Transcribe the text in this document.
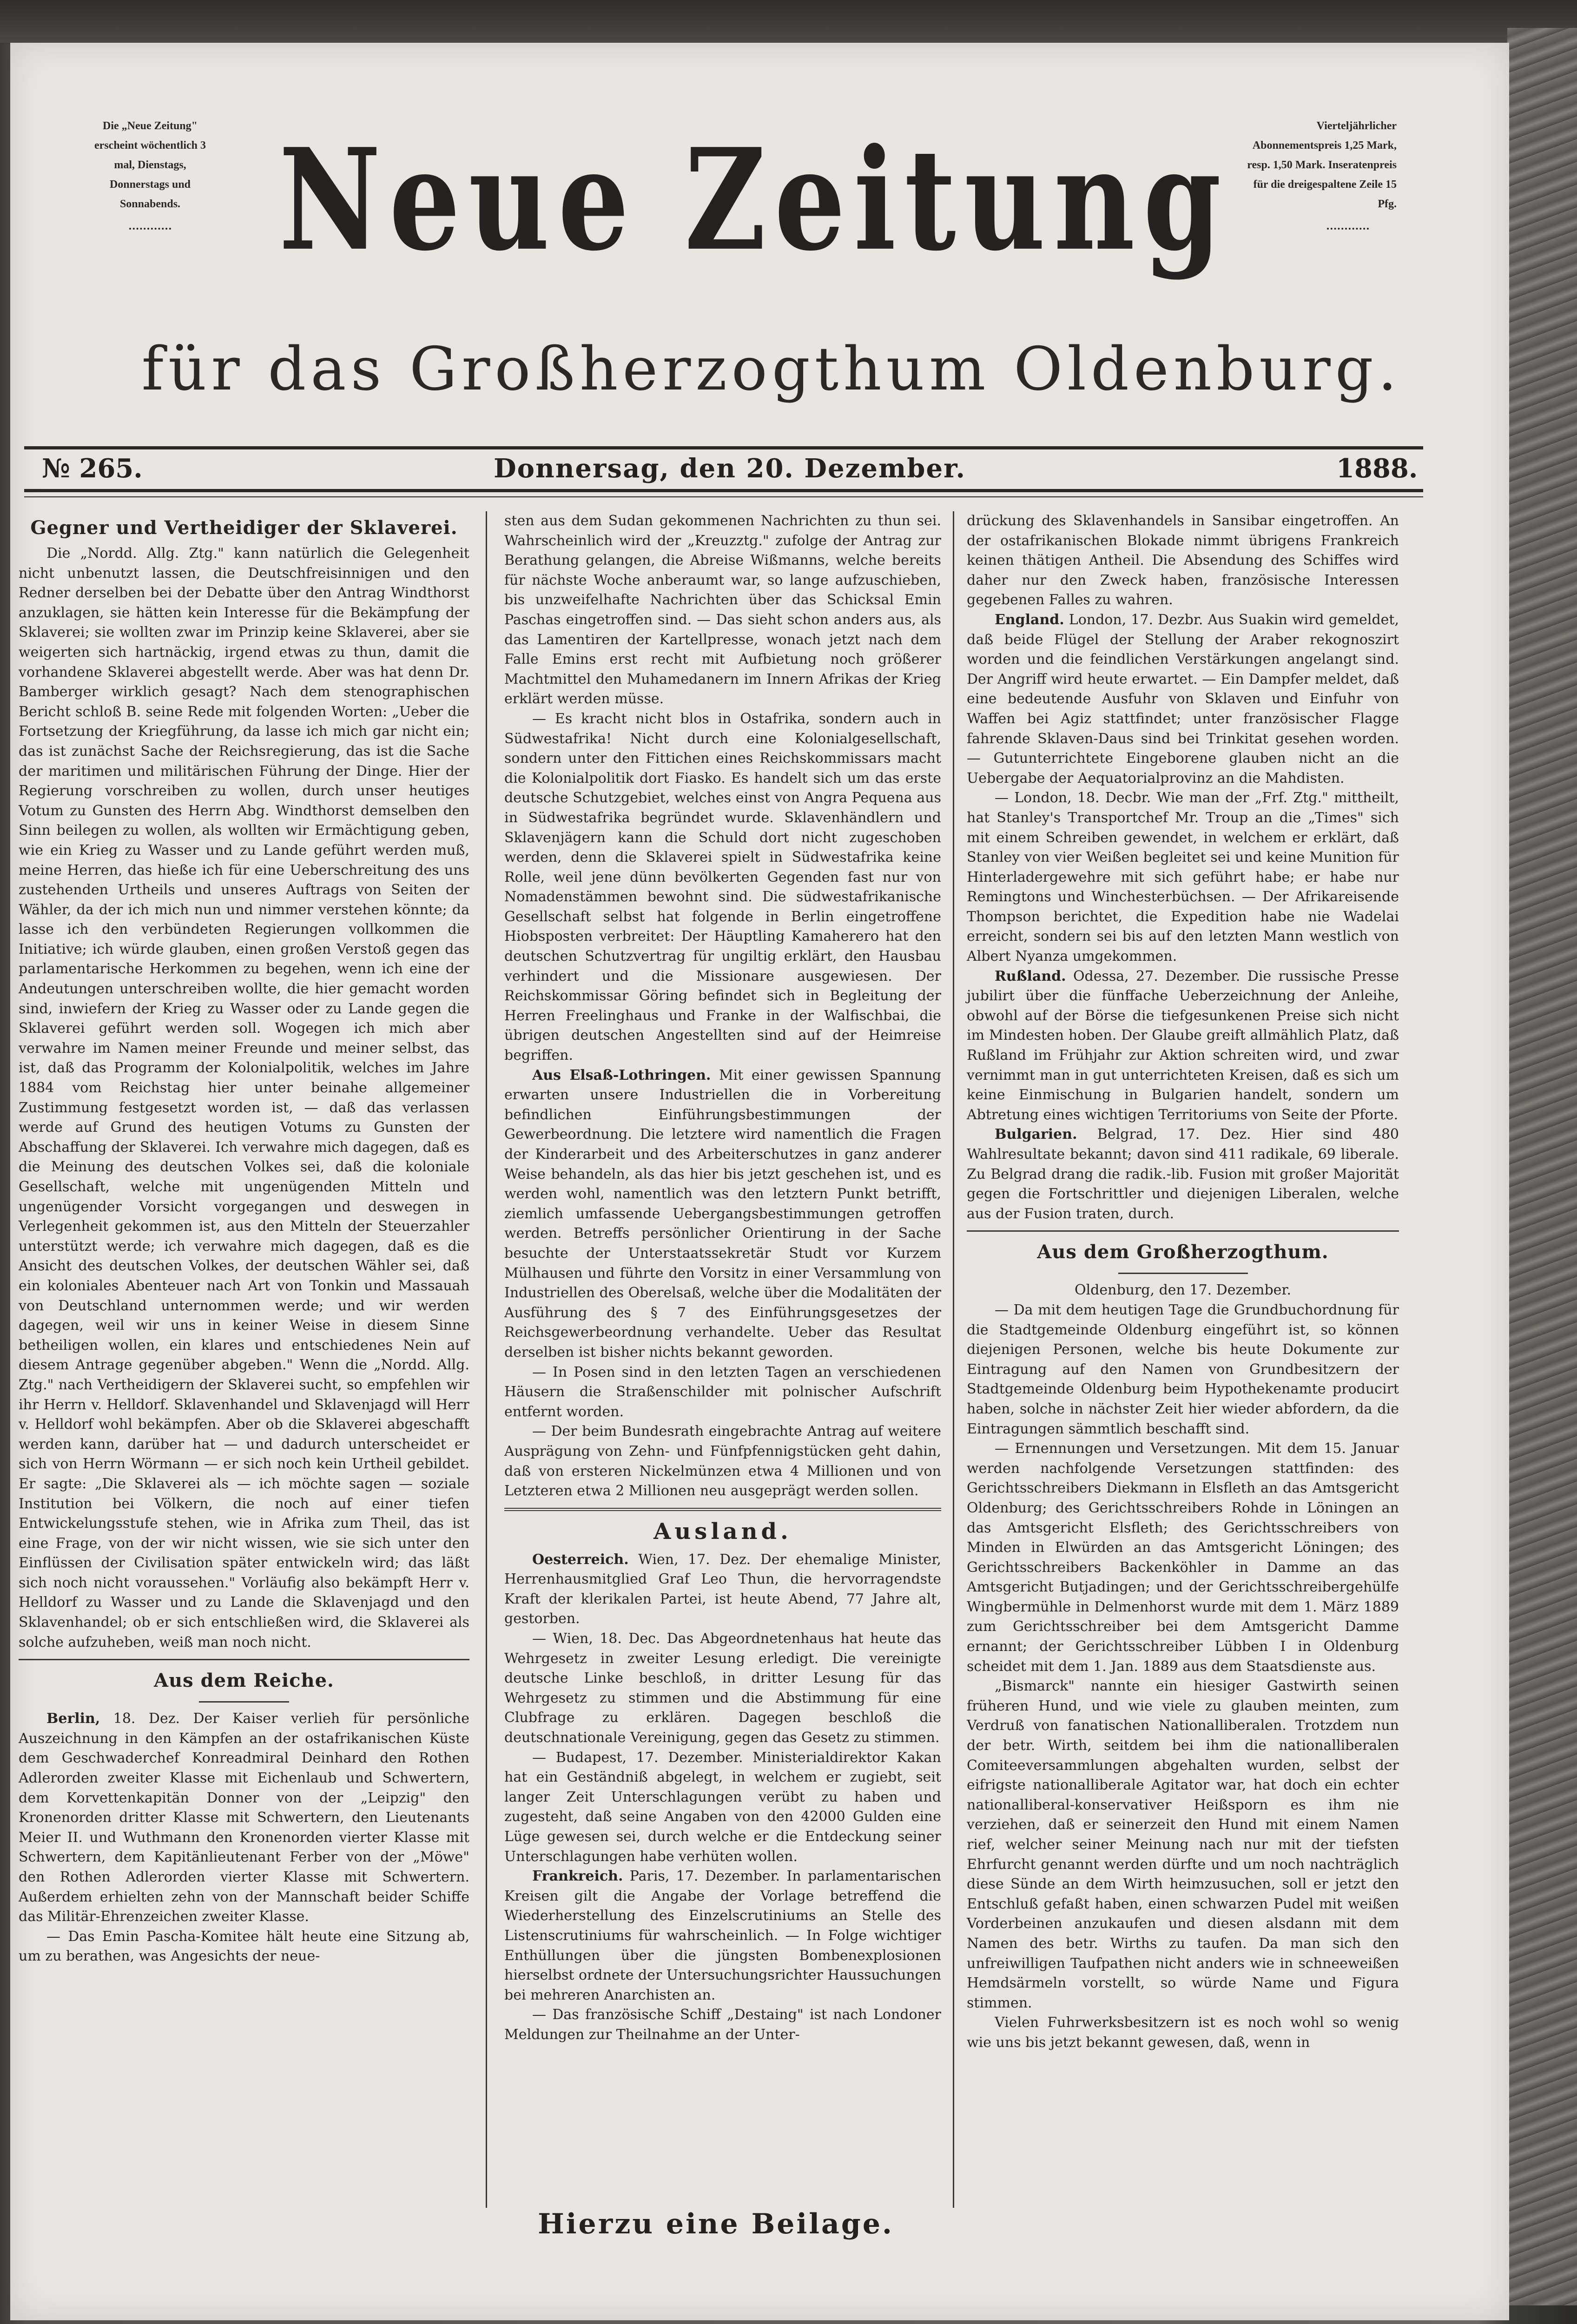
Die „Neue Zeitung" erscheint wöchentlich 3 mal, Dienstags, Donnerstags und Sonnabends.
Vierteljährlicher Abonnementspreis 1,25 Mark, resp. 1,50 Mark. Inseratenpreis für die dreigespaltene Zeile 15 Pfg.
Neue Zeitung
für das Großherzogthum Oldenburg.
№ 265.	Donnersag, den 20. Dezember.	1888.
Gegner und Vertheidiger der Sklaverei.

Die „Nordd. Allg. Ztg." kann natürlich die Gelegenheit nicht unbenutzt lassen, die Deutschfreisinnigen und den Redner derselben bei der Debatte über den Antrag Windthorst anzuklagen, sie hätten kein Interesse für die Bekämpfung der Sklaverei; sie wollten zwar im Prinzip keine Sklaverei, aber sie weigerten sich hartnäckig, irgend etwas zu thun, damit die vorhandene Sklaverei abgestellt werde. Aber was hat denn Dr. Bamberger wirklich gesagt? Nach dem stenographischen Bericht schloß B. seine Rede mit folgenden Worten: „Ueber die Fortsetzung der Kriegführung, da lasse ich mich gar nicht ein; das ist zunächst Sache der Reichsregierung, das ist die Sache der maritimen und militärischen Führung der Dinge. Hier der Regierung vorschreiben zu wollen, durch unser heutiges Votum zu Gunsten des Herrn Abg. Windthorst demselben den Sinn beilegen zu wollen, als wollten wir Ermächtigung geben, wie ein Krieg zu Wasser und zu Lande geführt werden muß, meine Herren, das hieße ich für eine Ueberschreitung des uns zustehenden Urtheils und unseres Auftrags von Seiten der Wähler, da der ich mich nun und nimmer verstehen könnte; da lasse ich den verbündeten Regierungen vollkommen die Initiative; ich würde glauben, einen großen Verstoß gegen das parlamentarische Herkommen zu begehen, wenn ich eine der Andeutungen unterschreiben wollte, die hier gemacht worden sind, inwiefern der Krieg zu Wasser oder zu Lande gegen die Sklaverei geführt werden soll. Wogegen ich mich aber verwahre im Namen meiner Freunde und meiner selbst, das ist, daß das Programm der Kolonialpolitik, welches im Jahre 1884 vom Reichstag hier unter beinahe allgemeiner Zustimmung festgesetzt worden ist, — daß das verlassen werde auf Grund des heutigen Votums zu Gunsten der Abschaffung der Sklaverei. Ich verwahre mich dagegen, daß es die Meinung des deutschen Volkes sei, daß die koloniale Gesellschaft, welche mit ungenügenden Mitteln und ungenügender Vorsicht vorgegangen und deswegen in Verlegenheit gekommen ist, aus den Mitteln der Steuerzahler unterstützt werde; ich verwahre mich dagegen, daß es die Ansicht des deutschen Volkes, der deutschen Wähler sei, daß ein koloniales Abenteuer nach Art von Tonkin und Massauah von Deutschland unternommen werde; und wir werden dagegen, weil wir uns in keiner Weise in diesem Sinne betheiligen wollen, ein klares und entschiedenes Nein auf diesem Antrage gegenüber abgeben." Wenn die „Nordd. Allg. Ztg." nach Vertheidigern der Sklaverei sucht, so empfehlen wir ihr Herrn v. Helldorf. Sklavenhandel und Sklavenjagd will Herr v. Helldorf wohl bekämpfen. Aber ob die Sklaverei abgeschafft werden kann, darüber hat — und dadurch unterscheidet er sich von Herrn Wörmann — er sich noch kein Urtheil gebildet. Er sagte: „Die Sklaverei als — ich möchte sagen — soziale Institution bei Völkern, die noch auf einer tiefen Entwickelungsstufe stehen, wie in Afrika zum Theil, das ist eine Frage, von der wir nicht wissen, wie sie sich unter den Einflüssen der Civilisation später entwickeln wird; das läßt sich noch nicht voraussehen." Vorläufig also bekämpft Herr v. Helldorf zu Wasser und zu Lande die Sklavenjagd und den Sklavenhandel; ob er sich entschließen wird, die Sklaverei als solche aufzuheben, weiß man noch nicht.

Aus dem Reiche.

Berlin, 18. Dez. Der Kaiser verlieh für persönliche Auszeichnung in den Kämpfen an der ostafrikanischen Küste dem Geschwaderchef Konreadmiral Deinhard den Rothen Adlerorden zweiter Klasse mit Eichenlaub und Schwertern, dem Korvettenkapitän Donner von der „Leipzig" den Kronenorden dritter Klasse mit Schwertern, den Lieutenants Meier II. und Wuthmann den Kronenorden vierter Klasse mit Schwertern, dem Kapitänlieutenant Ferber von der „Möwe" den Rothen Adlerorden vierter Klasse mit Schwertern. Außerdem erhielten zehn von der Mannschaft beider Schiffe das Militär-Ehrenzeichen zweiter Klasse.

— Das Emin Pascha-Komitee hält heute eine Sitzung ab, um zu berathen, was Angesichts der neue-

sten aus dem Sudan gekommenen Nachrichten zu thun sei. Wahrscheinlich wird der „Kreuzztg." zufolge der Antrag zur Berathung gelangen, die Abreise Wißmanns, welche bereits für nächste Woche anberaumt war, so lange aufzuschieben, bis unzweifelhafte Nachrichten über das Schicksal Emin Paschas eingetroffen sind. — Das sieht schon anders aus, als das Lamentiren der Kartellpresse, wonach jetzt nach dem Falle Emins erst recht mit Aufbietung noch größerer Machtmittel den Muhamedanern im Innern Afrikas der Krieg erklärt werden müsse.

— Es kracht nicht blos in Ostafrika, sondern auch in Südwestafrika! Nicht durch eine Kolonialgesellschaft, sondern unter den Fittichen eines Reichskommissars macht die Kolonialpolitik dort Fiasko. Es handelt sich um das erste deutsche Schutzgebiet, welches einst von Angra Pequena aus in Südwestafrika begründet wurde. Sklavenhändlern und Sklavenjägern kann die Schuld dort nicht zugeschoben werden, denn die Sklaverei spielt in Südwestafrika keine Rolle, weil jene dünn bevölkerten Gegenden fast nur von Nomadenstämmen bewohnt sind. Die südwestafrikanische Gesellschaft selbst hat folgende in Berlin eingetroffene Hiobsposten verbreitet: Der Häuptling Kamaherero hat den deutschen Schutzvertrag für ungiltig erklärt, den Hausbau verhindert und die Missionare ausgewiesen. Der Reichskommissar Göring befindet sich in Begleitung der Herren Freelinghaus und Franke in der Walfischbai, die übrigen deutschen Angestellten sind auf der Heimreise begriffen.

Aus Elsaß-Lothringen. Mit einer gewissen Spannung erwarten unsere Industriellen die in Vorbereitung befindlichen Einführungsbestimmungen der Gewerbeordnung. Die letztere wird namentlich die Fragen der Kinderarbeit und des Arbeiterschutzes in ganz anderer Weise behandeln, als das hier bis jetzt geschehen ist, und es werden wohl, namentlich was den letztern Punkt betrifft, ziemlich umfassende Uebergangsbestimmungen getroffen werden. Betreffs persönlicher Orientirung in der Sache besuchte der Unterstaatssekretär Studt vor Kurzem Mülhausen und führte den Vorsitz in einer Versammlung von Industriellen des Oberelsaß, welche über die Modalitäten der Ausführung des § 7 des Einführungsgesetzes der Reichsgewerbeordnung verhandelte. Ueber das Resultat derselben ist bisher nichts bekannt geworden.

— In Posen sind in den letzten Tagen an verschiedenen Häusern die Straßenschilder mit polnischer Aufschrift entfernt worden.

— Der beim Bundesrath eingebrachte Antrag auf weitere Ausprägung von Zehn- und Fünfpfennigstücken geht dahin, daß von ersteren Nickelmünzen etwa 4 Millionen und von Letzteren etwa 2 Millionen neu ausgeprägt werden sollen.

Ausland.

Oesterreich. Wien, 17. Dez. Der ehemalige Minister, Herrenhausmitglied Graf Leo Thun, die hervorragendste Kraft der klerikalen Partei, ist heute Abend, 77 Jahre alt, gestorben.

— Wien, 18. Dec. Das Abgeordnetenhaus hat heute das Wehrgesetz in zweiter Lesung erledigt. Die vereinigte deutsche Linke beschloß, in dritter Lesung für das Wehrgesetz zu stimmen und die Abstimmung für eine Clubfrage zu erklären. Dagegen beschloß die deutschnationale Vereinigung, gegen das Gesetz zu stimmen.

— Budapest, 17. Dezember. Ministerialdirektor Kakan hat ein Geständniß abgelegt, in welchem er zugiebt, seit langer Zeit Unterschlagungen verübt zu haben und zugesteht, daß seine Angaben von den 42000 Gulden eine Lüge gewesen sei, durch welche er die Entdeckung seiner Unterschlagungen habe verhüten wollen.

Frankreich. Paris, 17. Dezember. In parlamentarischen Kreisen gilt die Angabe der Vorlage betreffend die Wiederherstellung des Einzelscrutiniums an Stelle des Listenscrutiniums für wahrscheinlich. — In Folge wichtiger Enthüllungen über die jüngsten Bombenexplosionen hierselbst ordnete der Untersuchungsrichter Haussuchungen bei mehreren Anarchisten an.

— Das französische Schiff „Destaing" ist nach Londoner Meldungen zur Theilnahme an der Unter-

drückung des Sklavenhandels in Sansibar eingetroffen. An der ostafrikanischen Blokade nimmt übrigens Frankreich keinen thätigen Antheil. Die Absendung des Schiffes wird daher nur den Zweck haben, französische Interessen gegebenen Falles zu wahren.

England. London, 17. Dezbr. Aus Suakin wird gemeldet, daß beide Flügel der Stellung der Araber rekognoszirt worden und die feindlichen Verstärkungen angelangt sind. Der Angriff wird heute erwartet. — Ein Dampfer meldet, daß eine bedeutende Ausfuhr von Sklaven und Einfuhr von Waffen bei Agiz stattfindet; unter französischer Flagge fahrende Sklaven-Daus sind bei Trinkitat gesehen worden. — Gutunterrichtete Eingeborene glauben nicht an die Uebergabe der Aequatorialprovinz an die Mahdisten.

— London, 18. Decbr. Wie man der „Frf. Ztg." mittheilt, hat Stanley's Transportchef Mr. Troup an die „Times" sich mit einem Schreiben gewendet, in welchem er erklärt, daß Stanley von vier Weißen begleitet sei und keine Munition für Hinterladergewehre mit sich geführt habe; er habe nur Remingtons und Winchesterbüchsen. — Der Afrikareisende Thompson berichtet, die Expedition habe nie Wadelai erreicht, sondern sei bis auf den letzten Mann westlich von Albert Nyanza umgekommen.

Rußland. Odessa, 27. Dezember. Die russische Presse jubilirt über die fünffache Ueberzeichnung der Anleihe, obwohl auf der Börse die tiefgesunkenen Preise sich nicht im Mindesten hoben. Der Glaube greift allmählich Platz, daß Rußland im Frühjahr zur Aktion schreiten wird, und zwar vernimmt man in gut unterrichteten Kreisen, daß es sich um keine Einmischung in Bulgarien handelt, sondern um Abtretung eines wichtigen Territoriums von Seite der Pforte.

Bulgarien. Belgrad, 17. Dez. Hier sind 480 Wahlresultate bekannt; davon sind 411 radikale, 69 liberale. Zu Belgrad drang die radik.-lib. Fusion mit großer Majorität gegen die Fortschrittler und diejenigen Liberalen, welche aus der Fusion traten, durch.

Aus dem Großherzogthum.

Oldenburg, den 17. Dezember.

— Da mit dem heutigen Tage die Grundbuchordnung für die Stadtgemeinde Oldenburg eingeführt ist, so können diejenigen Personen, welche bis heute Dokumente zur Eintragung auf den Namen von Grundbesitzern der Stadtgemeinde Oldenburg beim Hypothekenamte producirt haben, solche in nächster Zeit hier wieder abfordern, da die Eintragungen sämmtlich beschafft sind.

— Ernennungen und Versetzungen. Mit dem 15. Januar werden nachfolgende Versetzungen stattfinden: des Gerichtsschreibers Diekmann in Elsfleth an das Amtsgericht Oldenburg; des Gerichtsschreibers Rohde in Löningen an das Amtsgericht Elsfleth; des Gerichtsschreibers von Minden in Elwürden an das Amtsgericht Löningen; des Gerichtsschreibers Backenköhler in Damme an das Amtsgericht Butjadingen; und der Gerichtsschreibergehülfe Wingbermühle in Delmenhorst wurde mit dem 1. März 1889 zum Gerichtsschreiber bei dem Amtsgericht Damme ernannt; der Gerichtsschreiber Lübben I in Oldenburg scheidet mit dem 1. Jan. 1889 aus dem Staatsdienste aus.

„Bismarck" nannte ein hiesiger Gastwirth seinen früheren Hund, und wie viele zu glauben meinten, zum Verdruß von fanatischen Nationalliberalen. Trotzdem nun der betr. Wirth, seitdem bei ihm die nationalliberalen Comiteeversammlungen abgehalten wurden, selbst der eifrigste nationalliberale Agitator war, hat doch ein echter nationalliberal-konservativer Heißsporn es ihm nie verziehen, daß er seinerzeit den Hund mit einem Namen rief, welcher seiner Meinung nach nur mit der tiefsten Ehrfurcht genannt werden dürfte und um noch nachträglich diese Sünde an dem Wirth heimzusuchen, soll er jetzt den Entschluß gefaßt haben, einen schwarzen Pudel mit weißen Vorderbeinen anzukaufen und diesen alsdann mit dem Namen des betr. Wirths zu taufen. Da man sich den unfreiwilligen Taufpathen nicht anders wie in schneeweißen Hemdsärmeln vorstellt, so würde Name und Figura stimmen.

Vielen Fuhrwerksbesitzern ist es noch wohl so wenig wie uns bis jetzt bekannt gewesen, daß, wenn in

Hierzu eine Beilage.
